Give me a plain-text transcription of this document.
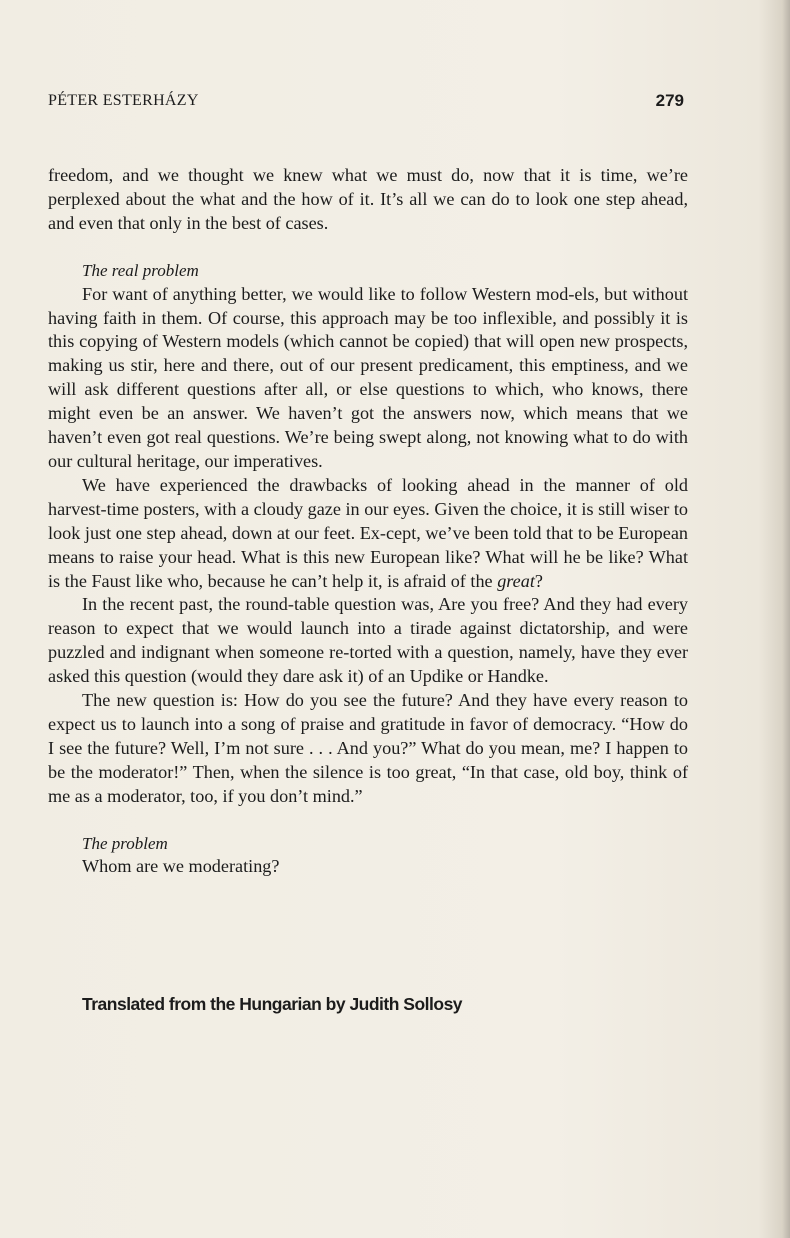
PÉTER ESTERHÁZY	279

freedom, and we thought we knew what we must do, now that it is time, we’re perplexed about the what and the how of it. It’s all we can do to look one step ahead, and even that only in the best of cases.

The real problem

For want of anything better, we would like to follow Western mod-els, but without having faith in them. Of course, this approach may be too inflexible, and possibly it is this copying of Western models (which cannot be copied) that will open new prospects, making us stir, here and there, out of our present predicament, this emptiness, and we will ask different questions after all, or else questions to which, who knows, there might even be an answer. We haven’t got the answers now, which means that we haven’t even got real questions. We’re being swept along, not knowing what to do with our cultural heritage, our imperatives.

We have experienced the drawbacks of looking ahead in the manner of old harvest-time posters, with a cloudy gaze in our eyes. Given the choice, it is still wiser to look just one step ahead, down at our feet. Ex-cept, we’ve been told that to be European means to raise your head. What is this new European like? What will he be like? What is the Faust like who, because he can’t help it, is afraid of the great?

In the recent past, the round-table question was, Are you free? And they had every reason to expect that we would launch into a tirade against dictatorship, and were puzzled and indignant when someone re-torted with a question, namely, have they ever asked this question (would they dare ask it) of an Updike or Handke.

The new question is: How do you see the future? And they have every reason to expect us to launch into a song of praise and gratitude in favor of democracy. “How do I see the future? Well, I’m not sure . . . And you?” What do you mean, me? I happen to be the moderator!” Then, when the silence is too great, “In that case, old boy, think of me as a moderator, too, if you don’t mind.”

The problem

Whom are we moderating?

Translated from the Hungarian by Judith Sollosy
